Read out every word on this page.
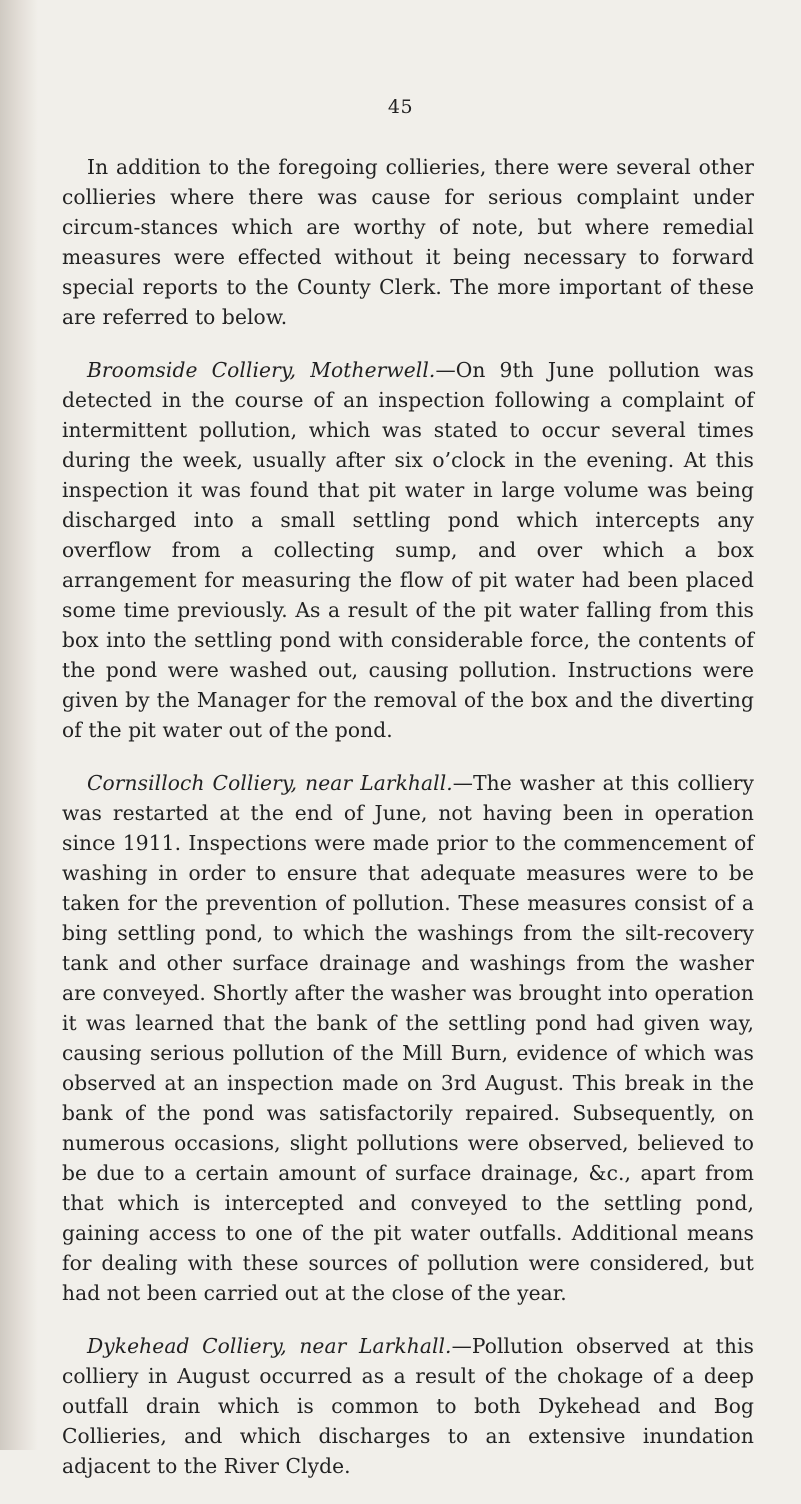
45

In addition to the foregoing collieries, there were several other collieries where there was cause for serious complaint under circum-stances which are worthy of note, but where remedial measures were effected without it being necessary to forward special reports to the County Clerk. The more important of these are referred to below.

Broomside Colliery, Motherwell.—On 9th June pollution was detected in the course of an inspection following a complaint of intermittent pollution, which was stated to occur several times during the week, usually after six o’clock in the evening. At this inspection it was found that pit water in large volume was being discharged into a small settling pond which intercepts any overflow from a collecting sump, and over which a box arrangement for measuring the flow of pit water had been placed some time previously. As a result of the pit water falling from this box into the settling pond with considerable force, the contents of the pond were washed out, causing pollution. Instructions were given by the Manager for the removal of the box and the diverting of the pit water out of the pond.

Cornsilloch Colliery, near Larkhall.—The washer at this colliery was restarted at the end of June, not having been in operation since 1911. Inspections were made prior to the commencement of washing in order to ensure that adequate measures were to be taken for the prevention of pollution. These measures consist of a bing settling pond, to which the washings from the silt-recovery tank and other surface drainage and washings from the washer are conveyed. Shortly after the washer was brought into operation it was learned that the bank of the settling pond had given way, causing serious pollution of the Mill Burn, evidence of which was observed at an inspection made on 3rd August. This break in the bank of the pond was satisfactorily repaired. Subsequently, on numerous occasions, slight pollutions were observed, believed to be due to a certain amount of surface drainage, &c., apart from that which is intercepted and conveyed to the settling pond, gaining access to one of the pit water outfalls. Additional means for dealing with these sources of pollution were considered, but had not been carried out at the close of the year.

Dykehead Colliery, near Larkhall.—Pollution observed at this colliery in August occurred as a result of the chokage of a deep outfall drain which is common to both Dykehead and Bog Collieries, and which discharges to an extensive inundation adjacent to the River Clyde.
